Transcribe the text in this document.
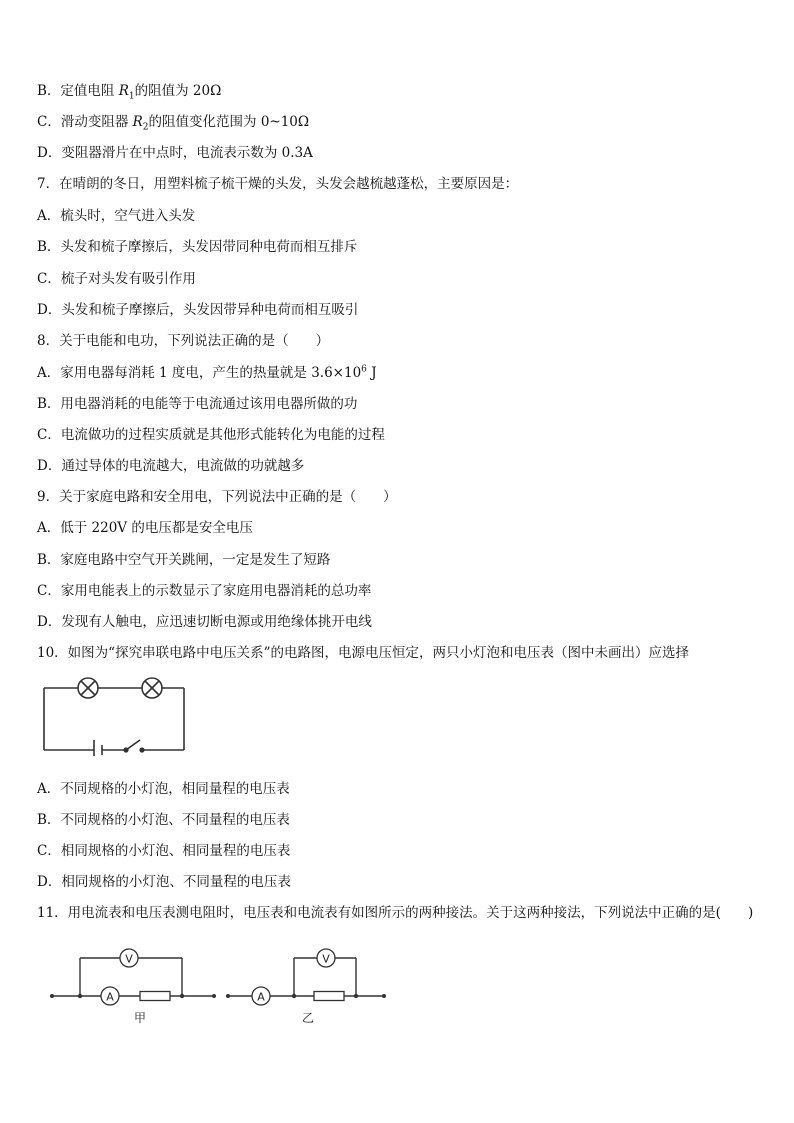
B．定值电阻 $R_1$的阻值为 20Ω
C．滑动变阻器 $R_2$的阻值变化范围为 0~10Ω
D．变阻器滑片在中点时，电流表示数为 0.3A
7．在晴朗的冬日，用塑料梳子梳干燥的头发，头发会越梳越蓬松，主要原因是：
A．梳头时，空气进入头发
B．头发和梳子摩擦后，头发因带同种电荷而相互排斥
C．梳子对头发有吸引作用
D．头发和梳子摩擦后，头发因带异种电荷而相互吸引
8．关于电能和电功，下列说法正确的是（　　）
A．家用电器每消耗 1 度电，产生的热量就是 $3.6\times 10^6$ J
B．用电器消耗的电能等于电流通过该用电器所做的功
C．电流做功的过程实质就是其他形式能转化为电能的过程
D．通过导体的电流越大，电流做的功就越多
9．关于家庭电路和安全用电，下列说法中正确的是（　　）
A．低于 220V 的电压都是安全电压
B．家庭电路中空气开关跳闸，一定是发生了短路
C．家用电能表上的示数显示了家庭用电器消耗的总功率
D．发现有人触电，应迅速切断电源或用绝缘体挑开电线
10．如图为“探究串联电路中电压关系”的电路图，电源电压恒定，两只小灯泡和电压表（图中未画出）应选择
A．不同规格的小灯泡，相同量程的电压表
B．不同规格的小灯泡、不同量程的电压表
C．相同规格的小灯泡、相同量程的电压表
D．相同规格的小灯泡、不同量程的电压表
11．用电流表和电压表测电阻时，电压表和电流表有如图所示的两种接法。关于这两种接法，下列说法中正确的是(　　)
V
A
甲
V
A
乙
